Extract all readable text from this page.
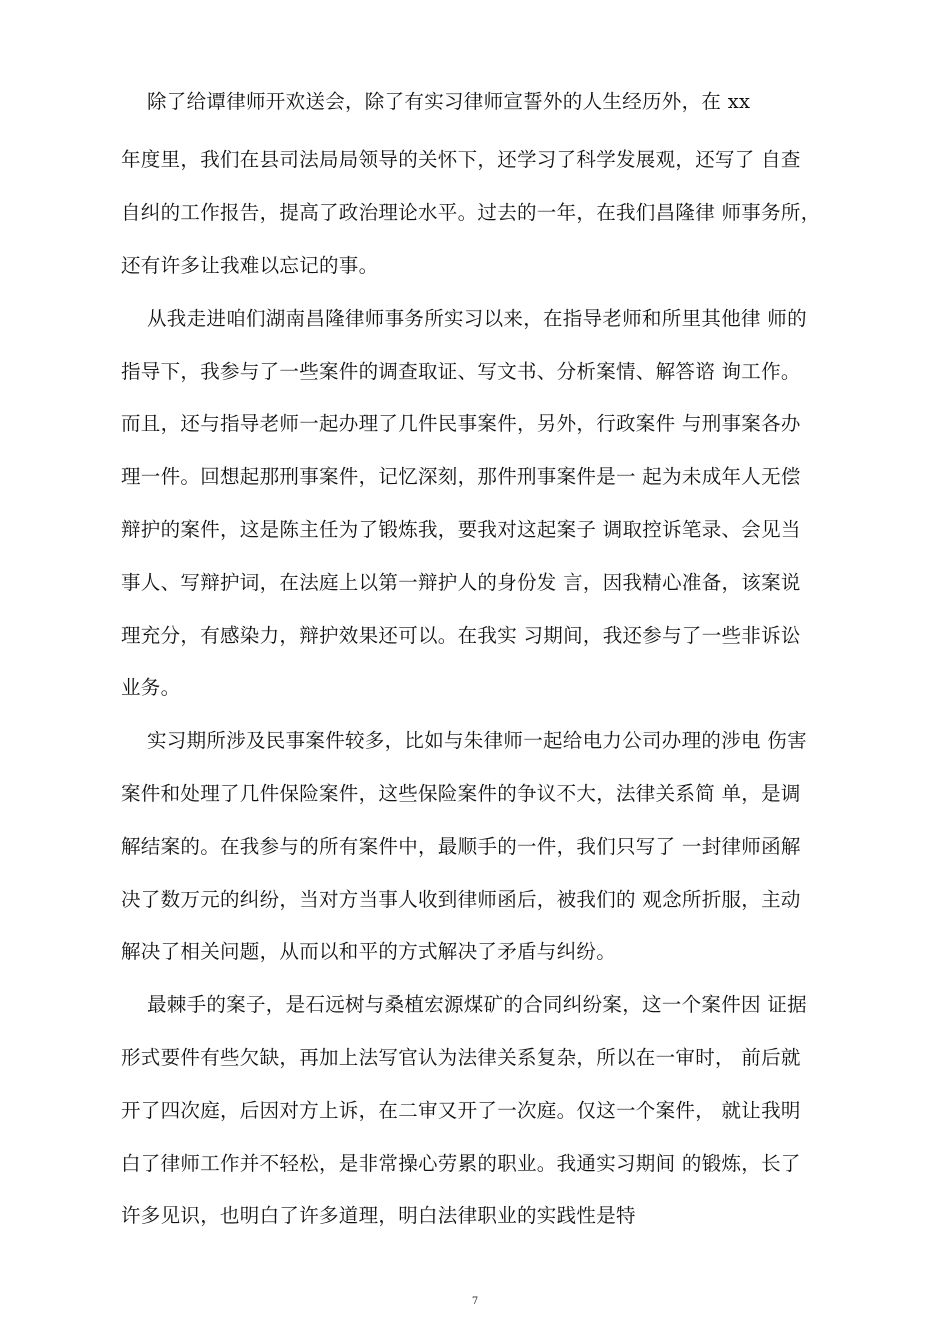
除了给谭律师开欢送会，除了有实习律师宣誓外的人生经历外，在 xx
年度里，我们在县司法局局领导的关怀下，还学习了科学发展观，还写了 自查
自纠的工作报告，提高了政治理论水平。过去的一年，在我们昌隆律 师事务所，
还有许多让我难以忘记的事。
从我走进咱们湖南昌隆律师事务所实习以来，在指导老师和所里其他律 师的
指导下，我参与了一些案件的调查取证、写文书、分析案情、解答谘 询工作。
而且，还与指导老师一起办理了几件民事案件，另外，行政案件 与刑事案各办
理一件。回想起那刑事案件，记忆深刻，那件刑事案件是一 起为未成年人无偿
辩护的案件，这是陈主任为了锻炼我，要我对这起案子 调取控诉笔录、会见当
事人、写辩护词，在法庭上以第一辩护人的身份发 言，因我精心准备，该案说
理充分，有感染力，辩护效果还可以。在我实 习期间，我还参与了一些非诉讼
业务。
实习期所涉及民事案件较多，比如与朱律师一起给电力公司办理的涉电 伤害
案件和处理了几件保险案件，这些保险案件的争议不大，法律关系简 单，是调
解结案的。在我参与的所有案件中，最顺手的一件，我们只写了 一封律师函解
决了数万元的纠纷，当对方当事人收到律师函后，被我们的 观念所折服，主动
解决了相关问题，从而以和平的方式解决了矛盾与纠纷。
最棘手的案子，是石远树与桑植宏源煤矿的合同纠纷案，这一个案件因 证据
形式要件有些欠缺，再加上法写官认为法律关系复杂，所以在一审时， 前后就
开了四次庭，后因对方上诉，在二审又开了一次庭。仅这一个案件， 就让我明
白了律师工作并不轻松，是非常操心劳累的职业。我通实习期间 的锻炼，长了
许多见识，也明白了许多道理，明白法律职业的实践性是特
7
